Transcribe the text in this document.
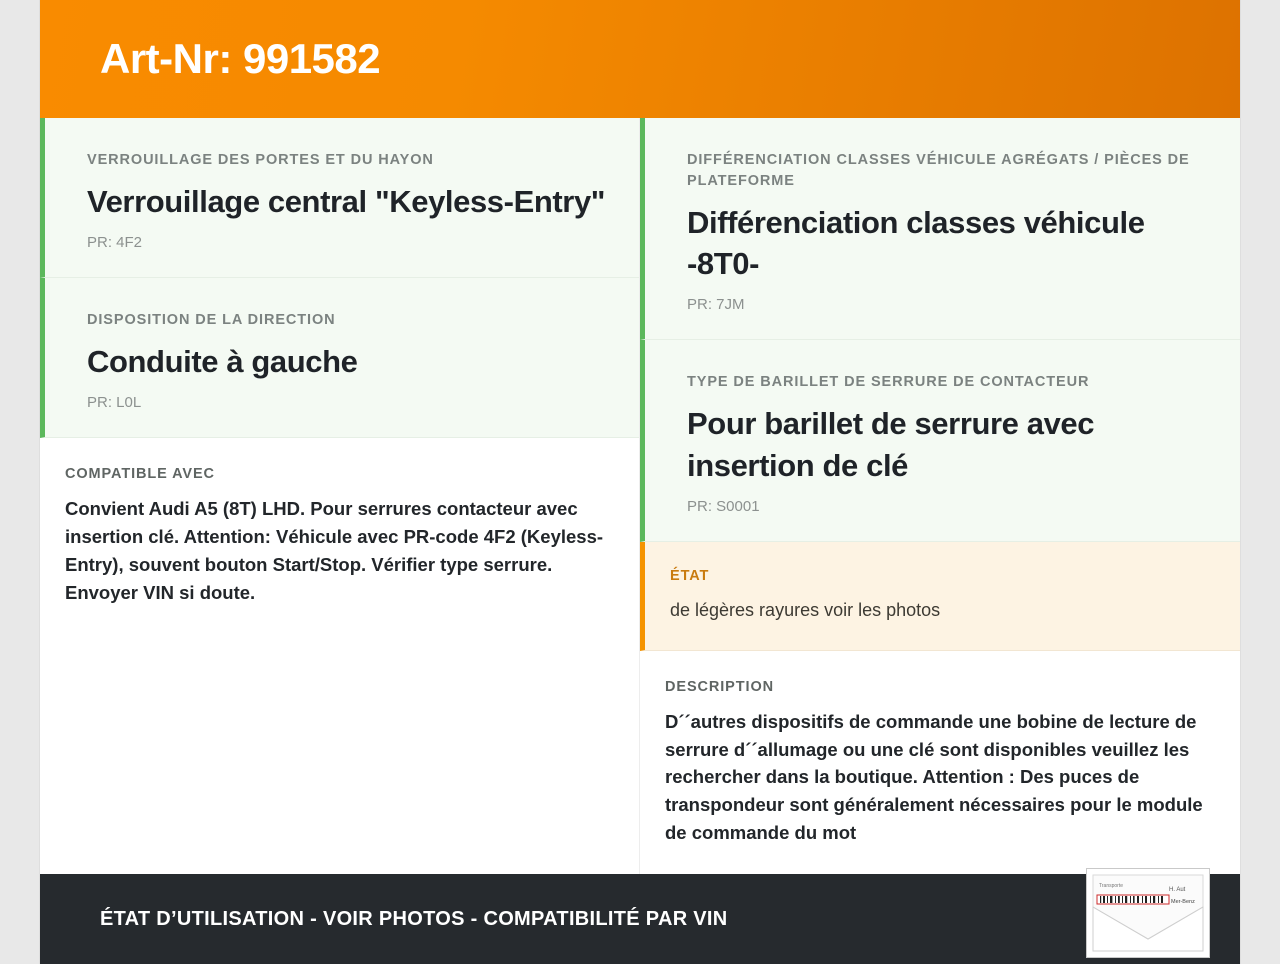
Art-Nr: 991582
VERROUILLAGE DES PORTES ET DU HAYON
Verrouillage central "Keyless-Entry"
PR: 4F2
DISPOSITION DE LA DIRECTION
Conduite à gauche
PR: L0L
COMPATIBLE AVEC
Convient Audi A5 (8T) LHD. Pour serrures contacteur avec insertion clé. Attention: Véhicule avec PR-code 4F2 (Keyless-Entry), souvent bouton Start/Stop. Vérifier type serrure. Envoyer VIN si doute.
DIFFÉRENCIATION CLASSES VÉHICULE AGRÉGATS / PIÈCES DE PLATEFORME
Différenciation classes véhicule -8T0-
PR: 7JM
TYPE DE BARILLET DE SERRURE DE CONTACTEUR
Pour barillet de serrure avec insertion de clé
PR: S0001
ÉTAT
de légères rayures voir les photos
DESCRIPTION
D´´autres dispositifs de commande une bobine de lecture de serrure d´´allumage ou une clé sont disponibles veuillez les rechercher dans la boutique. Attention : Des puces de transpondeur sont généralement nécessaires pour le module de commande du mot
ÉTAT D’UTILISATION - VOIR PHOTOS - COMPATIBILITÉ PAR VIN
Transporte
H. Aut
Mer-Benz
